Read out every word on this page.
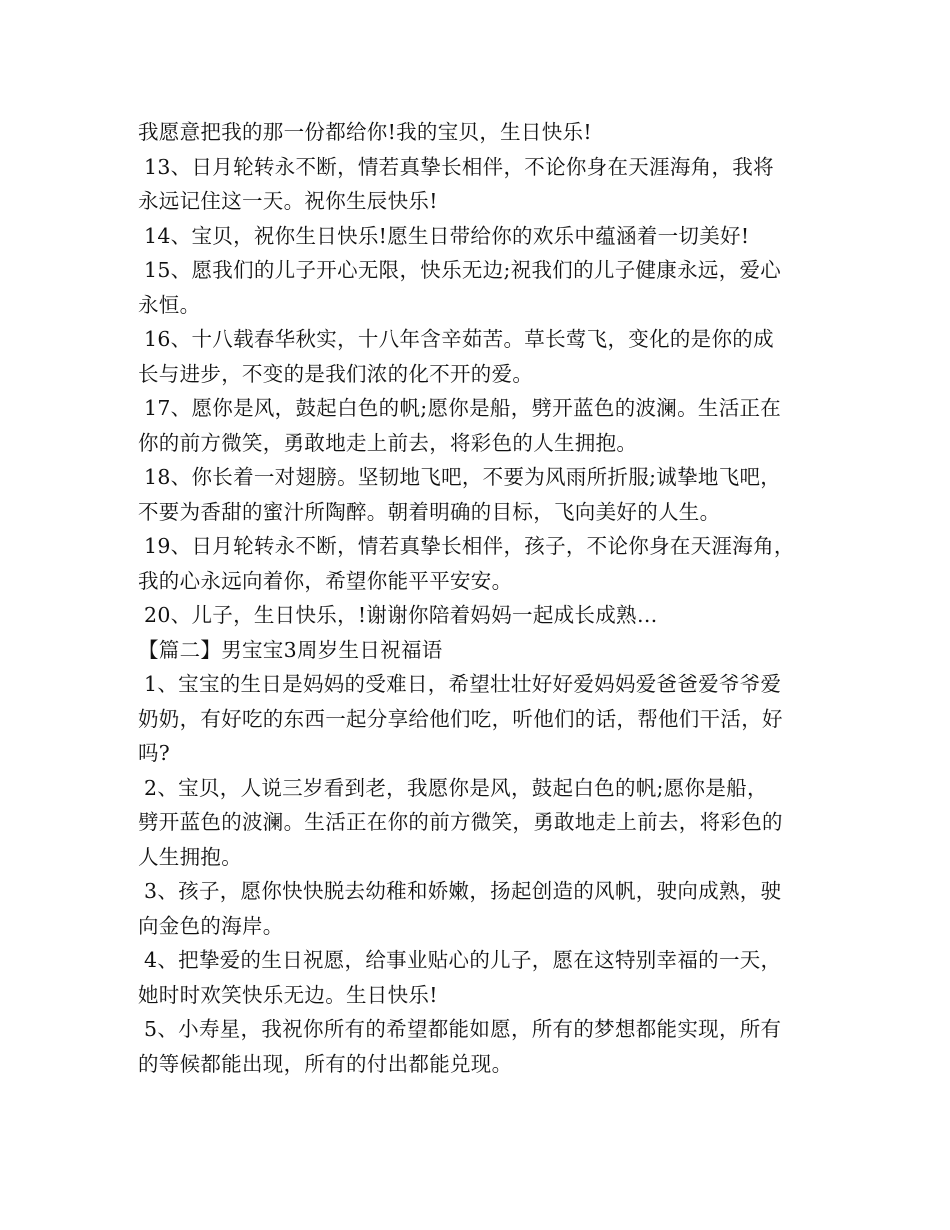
我愿意把我的那一份都给你!我的宝贝，生日快乐!
13、日月轮转永不断，情若真挚长相伴，不论你身在天涯海角，我将
永远记住这一天。祝你生辰快乐!
14、宝贝，祝你生日快乐!愿生日带给你的欢乐中蕴涵着一切美好!
15、愿我们的儿子开心无限，快乐无边;祝我们的儿子健康永远，爱心
永恒。
16、十八载春华秋实，十八年含辛茹苦。草长莺飞，变化的是你的成
长与进步，不变的是我们浓的化不开的爱。
17、愿你是风，鼓起白色的帆;愿你是船，劈开蓝色的波澜。生活正在
你的前方微笑，勇敢地走上前去，将彩色的人生拥抱。
18、你长着一对翅膀。坚韧地飞吧，不要为风雨所折服;诚挚地飞吧，
不要为香甜的蜜汁所陶醉。朝着明确的目标，飞向美好的人生。
19、日月轮转永不断，情若真挚长相伴，孩子，不论你身在天涯海角，
我的心永远向着你，希望你能平平安安。
20、儿子，生日快乐，!谢谢你陪着妈妈一起成长成熟…
【篇二】男宝宝3周岁生日祝福语
1、宝宝的生日是妈妈的受难日，希望壮壮好好爱妈妈爱爸爸爱爷爷爱
奶奶，有好吃的东西一起分享给他们吃，听他们的话，帮他们干活，好
吗?
2、宝贝，人说三岁看到老，我愿你是风，鼓起白色的帆;愿你是船，
劈开蓝色的波澜。生活正在你的前方微笑，勇敢地走上前去，将彩色的
人生拥抱。
3、孩子，愿你快快脱去幼稚和娇嫩，扬起创造的风帆，驶向成熟，驶
向金色的海岸。
4、把挚爱的生日祝愿，给事业贴心的儿子，愿在这特别幸福的一天，
她时时欢笑快乐无边。生日快乐!
5、小寿星，我祝你所有的希望都能如愿，所有的梦想都能实现，所有
的等候都能出现，所有的付出都能兑现。
